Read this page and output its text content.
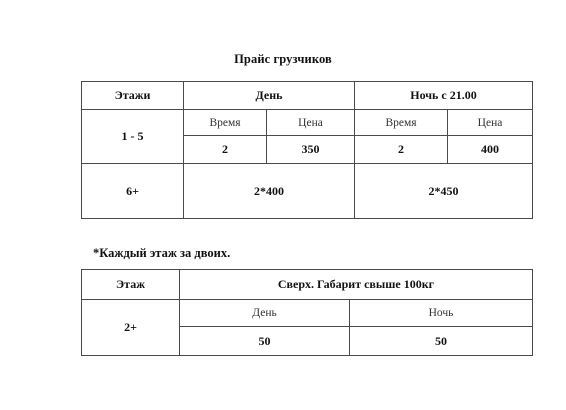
Прайс грузчиков
Этажи	День		Ночь с 21.00	
1 - 5	Время	Цена	Время	Цена
	2	350	2	400
6+	2*400		2*450	
*Каждый этаж за двоих.
Этаж	Сверх. Габарит свыше 100кг	
2+	День	Ночь
	50	50
